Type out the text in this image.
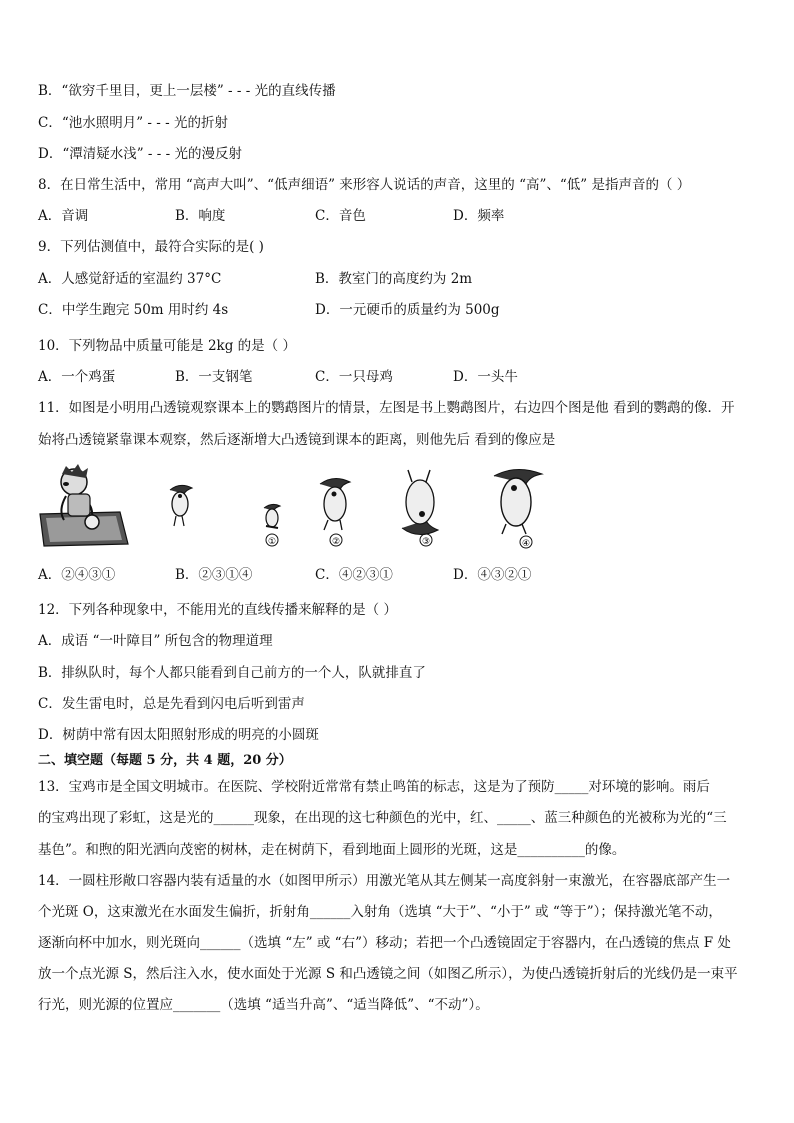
B．“欲穷千里目，更上一层楼” - - - 光的直线传播
C．“池水照明月” - - - 光的折射
D．“潭清疑水浅” - - - 光的漫反射
8．在日常生活中，常用 “高声大叫”、“低声细语” 来形容人说话的声音，这里的 “高”、“低” 是指声音的（ ）
A．音调	B．响度	C．音色	D．频率
9．下列估测值中，最符合实际的是( )
A．人感觉舒适的室温约 37°C	B．教室门的高度约为 2m
C．中学生跑完 50m 用时约 4s	D．一元硬币的质量约为 500g
10．下列物品中质量可能是 2kg 的是（ ）
A．一个鸡蛋	B．一支钢笔	C．一只母鸡	D．一头牛
11．如图是小明用凸透镜观察课本上的鹦鹉图片的情景，左图是书上鹦鹉图片，右边四个图是他 看到的鹦鹉的像．开
始将凸透镜紧靠课本观察，然后逐渐增大凸透镜到课本的距离，则他先后 看到的像应是
①	②	③	④
A．②④③①	B．②③①④	C．④②③①	D．④③②①
12．下列各种现象中，不能用光的直线传播来解释的是（ ）
A．成语 “一叶障目” 所包含的物理道理
B．排纵队时，每个人都只能看到自己前方的一个人，队就排直了
C．发生雷电时，总是先看到闪电后听到雷声
D．树荫中常有因太阳照射形成的明亮的小圆斑
二、填空题（每题 5 分，共 4 题，20 分）
13．宝鸡市是全国文明城市。在医院、学校附近常常有禁止鸣笛的标志，这是为了预防_____对环境的影响。雨后
的宝鸡出现了彩虹，这是光的______现象，在出现的这七种颜色的光中，红、_____、蓝三种颜色的光被称为光的“三
基色”。和煦的阳光洒向茂密的树林，走在树荫下，看到地面上圆形的光斑，这是__________的像。
14．一圆柱形敞口容器内装有适量的水（如图甲所示）用激光笔从其左侧某一高度斜射一束激光，在容器底部产生一
个光斑 O，这束激光在水面发生偏折，折射角______入射角（选填 “大于”、“小于” 或 “等于”）；保持激光笔不动，
逐渐向杯中加水，则光斑向______（选填 “左” 或 “右”）移动；若把一个凸透镜固定于容器内，在凸透镜的焦点 F 处
放一个点光源 S，然后注入水，使水面处于光源 S 和凸透镜之间（如图乙所示），为使凸透镜折射后的光线仍是一束平
行光，则光源的位置应_______（选填 “适当升高”、“适当降低”、“不动”）。
